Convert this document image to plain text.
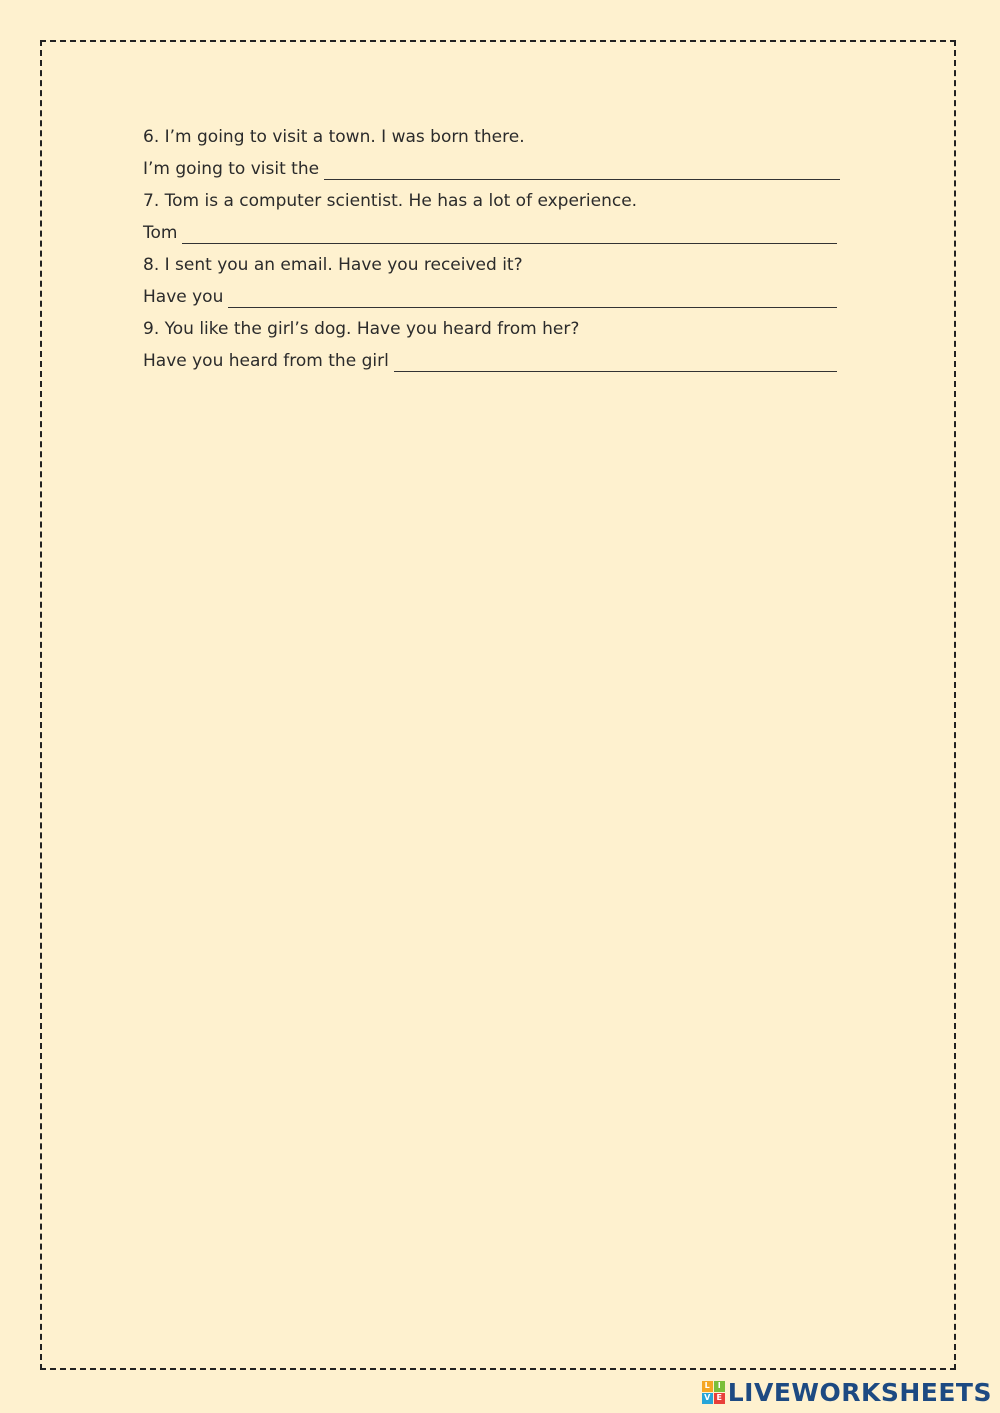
6. I’m going to visit a town. I was born there.
I’m going to visit the
7. Tom is a computer scientist. He has a lot of experience.
Tom
8. I sent you an email. Have you received it?
Have you
9. You like the girl’s dog. Have you heard from her?
Have you heard from the girl
L I
V E LIVEWORKSHEETS
